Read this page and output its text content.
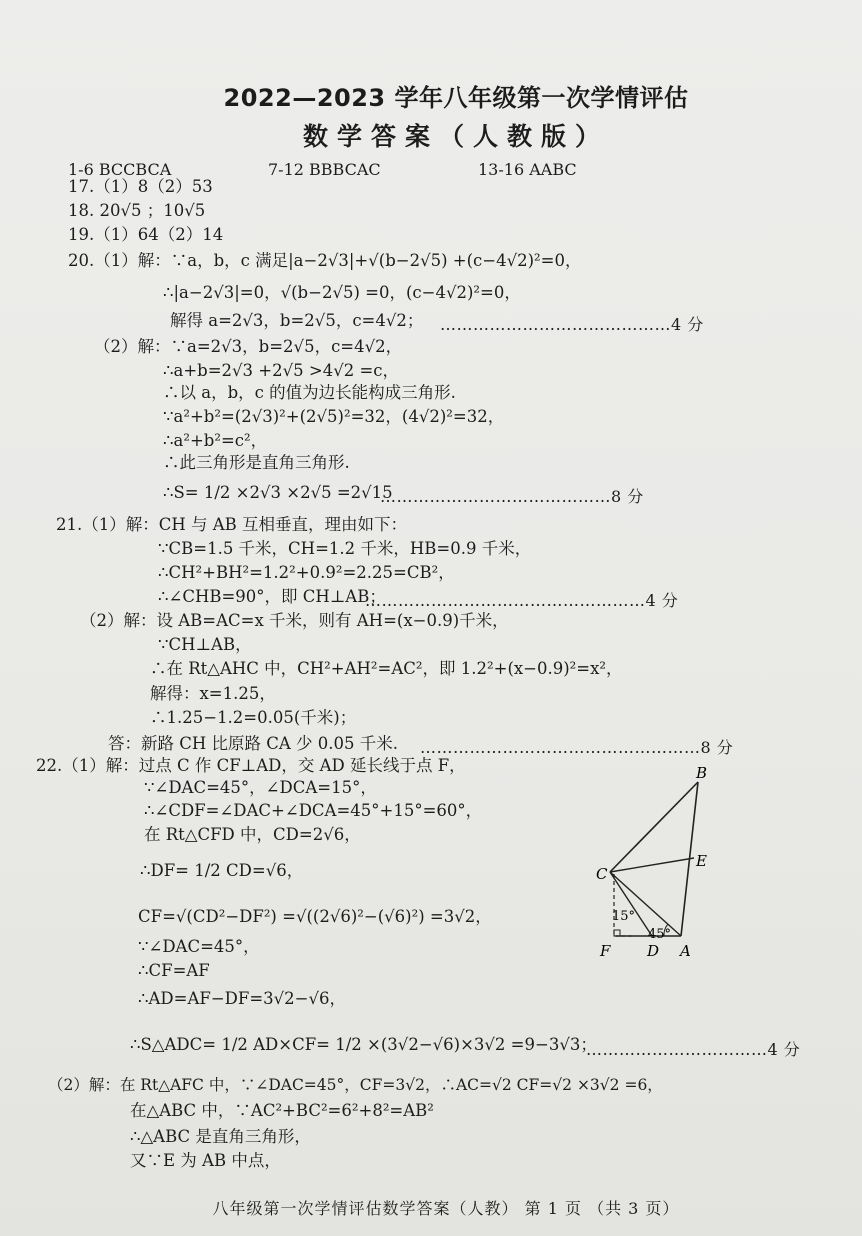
2022—2023 学年八年级第一次学情评估
数学答案（人教版）
1-6 BCCBCA	7-12 BBBCAC	13-16 AABC
17.（1）8（2）53
18. 20√5 ；10√5
19.（1）64（2）14
20.（1）解：∵a，b，c 满足|a−2√3|+√(b−2√5) +(c−4√2)²=0，
∴|a−2√3|=0，√(b−2√5) =0，(c−4√2)²=0，
解得 a=2√3，b=2√5，c=4√2；
（2）解：∵a=2√3，b=2√5，c=4√2，
∴a+b=2√3 +2√5 >4√2 =c，
∴以 a，b，c 的值为边长能构成三角形.
∵a²+b²=(2√3)²+(2√5)²=32，(4√2)²=32，
∴a²+b²=c²，
∴此三角形是直角三角形.
∴S= 1/2 ×2√3 ×2√5 =2√15
21.（1）解：CH 与 AB 互相垂直，理由如下：
∵CB=1.5 千米，CH=1.2 千米，HB=0.9 千米，
∴CH²+BH²=1.2²+0.9²=2.25=CB²，
∴∠CHB=90°，即 CH⊥AB；
（2）解：设 AB=AC=x 千米，则有 AH=(x−0.9)千米，
∵CH⊥AB，
∴在 Rt△AHC 中，CH²+AH²=AC²，即 1.2²+(x−0.9)²=x²，
解得：x=1.25，
∴1.25−1.2=0.05(千米)；
答：新路 CH 比原路 CA 少 0.05 千米.
22.（1）解：过点 C 作 CF⊥AD，交 AD 延长线于点 F，
∵∠DAC=45°，∠DCA=15°，
∴∠CDF=∠DAC+∠DCA=45°+15°=60°，
在 Rt△CFD 中，CD=2√6，
∴DF= 1/2 CD=√6，
CF=√(CD²−DF²) =√((2√6)²−(√6)²) =3√2，
∵∠DAC=45°，
∴CF=AF
∴AD=AF−DF=3√2−√6，
∴S△ADC= 1/2 AD×CF= 1/2 ×(3√2−√6)×3√2 =9−3√3；
（2）解：在 Rt△AFC 中，∵∠DAC=45°，CF=3√2，∴AC=√2 CF=√2 ×3√2 =6，
在△ABC 中，∵AC²+BC²=6²+8²=AB²
∴△ABC 是直角三角形，
又∵E 为 AB 中点，
……………………………………4 分
……………………………………8 分
……………………………………………4 分
……………………………………………8 分
……………………………4 分
B
E
C
F D A
15°
45°
八年级第一次学情评估数学答案（人教） 第 1 页 （共 3 页）
